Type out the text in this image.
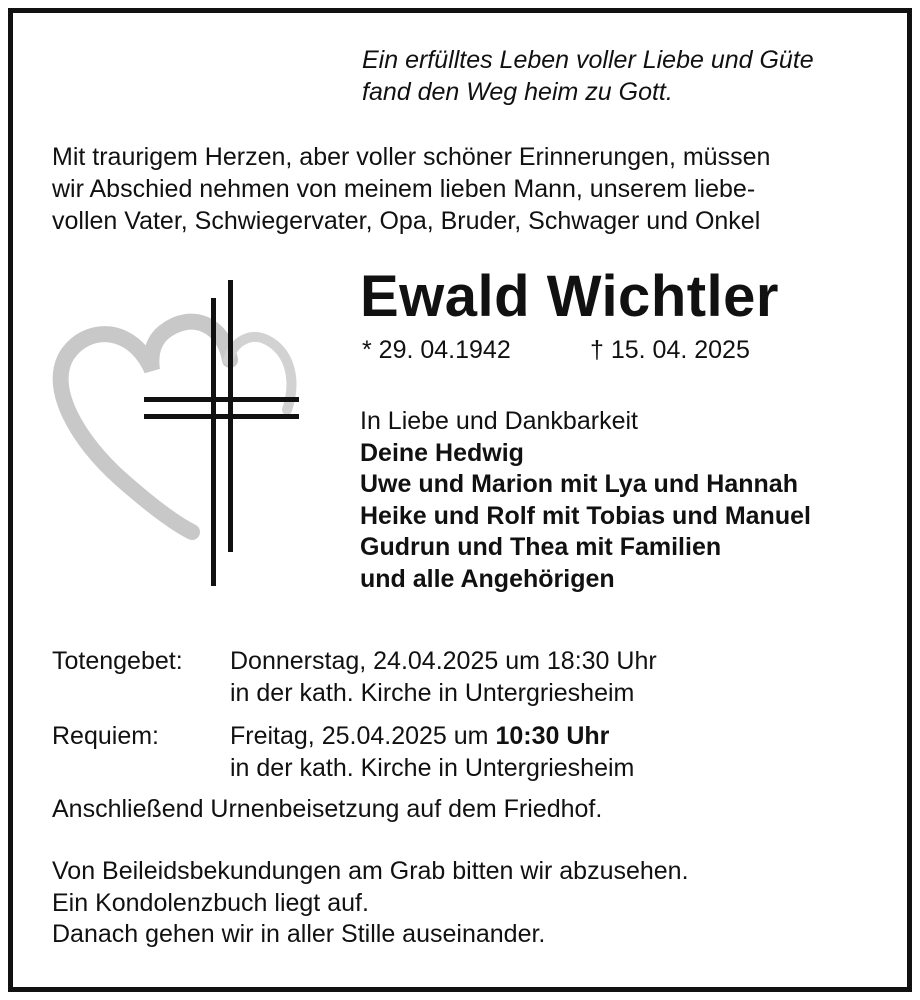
Ein erfülltes Leben voller Liebe und Güte
fand den Weg heim zu Gott.
Mit traurigem Herzen, aber voller schöner Erinnerungen, müssen
wir Abschied nehmen von meinem lieben Mann, unserem liebe-
vollen Vater, Schwiegervater, Opa, Bruder, Schwager und Onkel
Ewald Wichtler
* 29. 04.1942	† 15. 04. 2025
In Liebe und Dankbarkeit
Deine Hedwig
Uwe und Marion mit Lya und Hannah
Heike und Rolf mit Tobias und Manuel
Gudrun und Thea mit Familien
und alle Angehörigen
Totengebet: Donnerstag, 24.04.2025 um 18:30 Uhr
in der kath. Kirche in Untergriesheim
Requiem:	Freitag, 25.04.2025 um 10:30 Uhr
in der kath. Kirche in Untergriesheim
Anschließend Urnenbeisetzung auf dem Friedhof.
Von Beileidsbekundungen am Grab bitten wir abzusehen.
Ein Kondolenzbuch liegt auf.
Danach gehen wir in aller Stille auseinander.
